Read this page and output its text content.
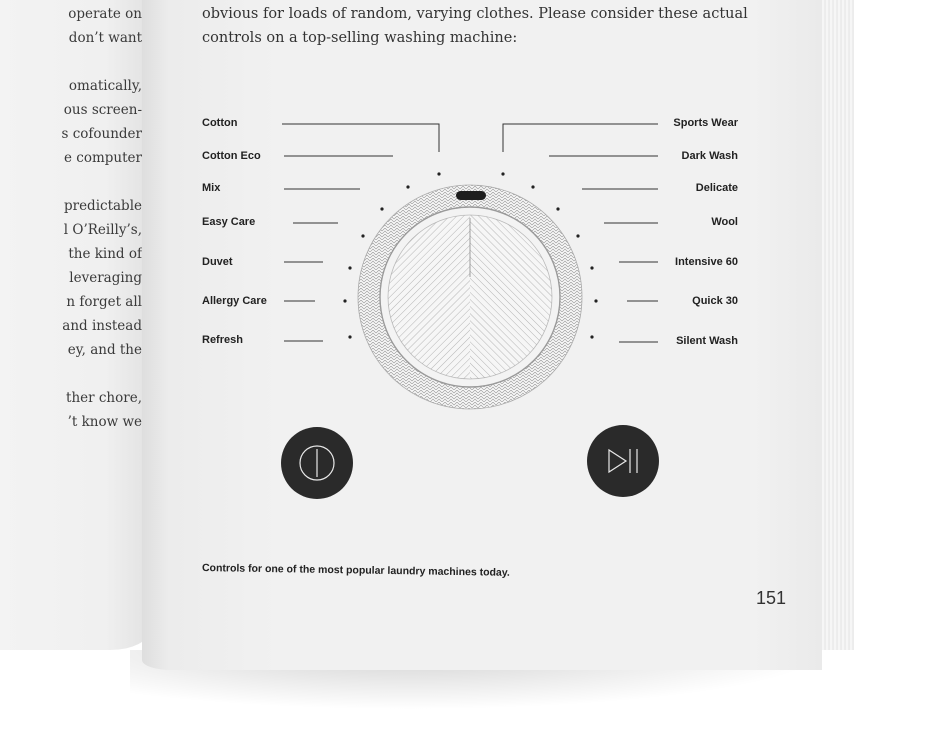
operate on
don’t want
omatically,
ous screen-
s cofounder
e computer
predictable
l O’Reilly’s,
the kind of
leveraging
n forget all
and instead
ey, and the
ther chore,
’t know we
obvious for loads of random, varying clothes. Please consider these actual
controls on a top-selling washing machine:
Cotton
Cotton Eco
Mix
Easy Care
Duvet
Allergy Care
Refresh
Sports Wear
Dark Wash
Delicate
Wool
Intensive 60
Quick 30
Silent Wash
Controls for one of the most popular laundry machines today.
151
